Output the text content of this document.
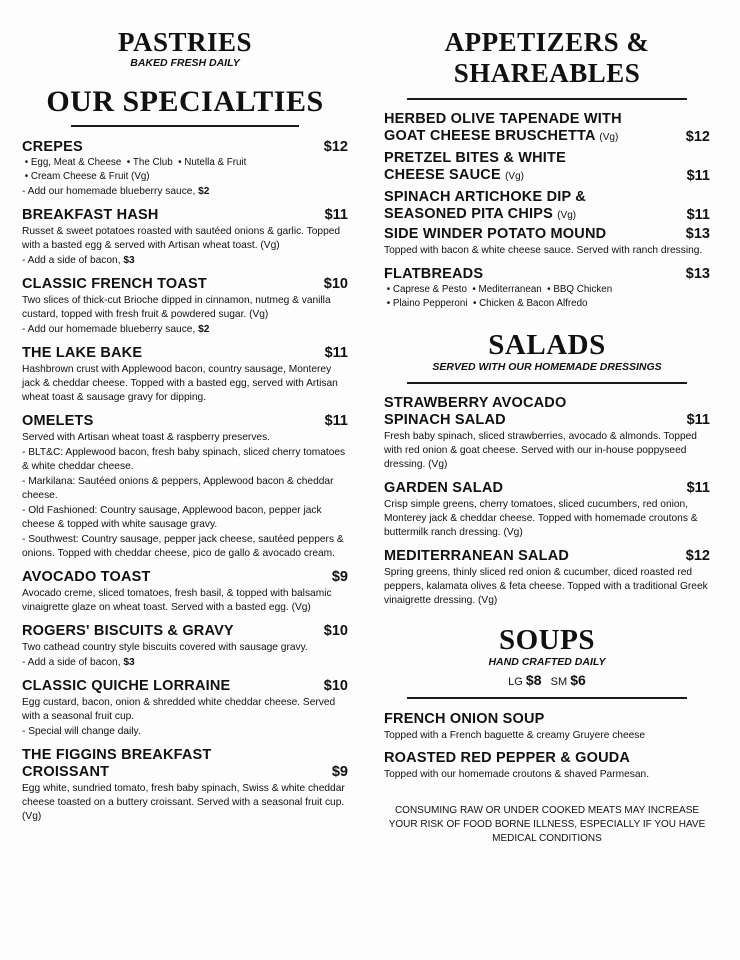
PASTRIES

BAKED FRESH DAILY

OUR SPECIALTIES
CREPES	$12
• Egg, Meat & Cheese  • The Club  • Nutella & Fruit
• Cream Cheese & Fruit (Vg)
- Add our homemade blueberry sauce, $2
BREAKFAST HASH	$11

Russet & sweet potatoes roasted with sautéed onions & garlic. Topped with a basted egg & served with Artisan wheat toast. (Vg)

- Add a side of bacon, $3
CLASSIC FRENCH TOAST	$10

Two slices of thick-cut Brioche dipped in cinnamon, nutmeg & vanilla custard, topped with fresh fruit & powdered sugar. (Vg)

- Add our homemade blueberry sauce, $2
THE LAKE BAKE	$11

Hashbrown crust with Applewood bacon, country sausage, Monterey jack & cheddar cheese. Topped with a basted egg, served with Artisan wheat toast & sausage gravy for dipping.

OMELETS	$11

Served with Artisan wheat toast & raspberry preserves.

- BLT&C: Applewood bacon, fresh baby spinach, sliced cherry tomatoes & white cheddar cheese.
- Markilana: Sautéed onions & peppers, Applewood bacon & cheddar cheese.
- Old Fashioned: Country sausage, Applewood bacon, pepper jack cheese & topped with white sausage gravy.
- Southwest: Country sausage, pepper jack cheese, sautéed peppers & onions. Topped with cheddar cheese, pico de gallo & avocado cream.
AVOCADO TOAST	$9

Avocado creme, sliced tomatoes, fresh basil, & topped with balsamic vinaigrette glaze on wheat toast. Served with a basted egg. (Vg)

ROGERS' BISCUITS & GRAVY	$10

Two cathead country style biscuits covered with sausage gravy.

- Add a side of bacon, $3
CLASSIC QUICHE LORRAINE	$10

Egg custard, bacon, onion & shredded white cheddar cheese. Served with a seasonal fruit cup.

- Special will change daily.
THE FIGGINS BREAKFAST CROISSANT	$9

Egg white, sundried tomato, fresh baby spinach, Swiss & white cheddar cheese toasted on a buttery croissant. Served with a seasonal fruit cup. (Vg)

APPETIZERS &
SHAREABLES
HERBED OLIVE TAPENADE WITH GOAT CHEESE BRUSCHETTA (Vg)	$12
PRETZEL BITES & WHITE CHEESE SAUCE (Vg)	$11
SPINACH ARTICHOKE DIP & SEASONED PITA CHIPS (Vg)	$11
SIDE WINDER POTATO MOUND	$13

Topped with bacon & white cheese sauce. Served with ranch dressing.

FLATBREADS	$13
• Caprese & Pesto  • Mediterranean  • BBQ Chicken
• Plaino Pepperoni  • Chicken & Bacon Alfredo
SALADS

SERVED WITH OUR HOMEMADE DRESSINGS

STRAWBERRY AVOCADO SPINACH SALAD	$11

Fresh baby spinach, sliced strawberries, avocado & almonds. Topped with red onion & goat cheese. Served with our in-house poppyseed dressing. (Vg)

GARDEN SALAD	$11

Crisp simple greens, cherry tomatoes, sliced cucumbers, red onion, Monterey jack & cheddar cheese. Topped with homemade croutons & buttermilk ranch dressing. (Vg)

MEDITERRANEAN SALAD	$12

Spring greens, thinly sliced red onion & cucumber, diced roasted red peppers, kalamata olives & feta cheese. Topped with a traditional Greek vinaigrette dressing. (Vg)

SOUPS

HAND CRAFTED DAILY

LG $8 SM $6
FRENCH ONION SOUP

Topped with a French baguette & creamy Gruyere cheese

ROASTED RED PEPPER & GOUDA

Topped with our homemade croutons & shaved Parmesan.

CONSUMING RAW OR UNDER COOKED MEATS MAY INCREASE YOUR RISK OF FOOD BORNE ILLNESS, ESPECIALLY IF YOU HAVE MEDICAL CONDITIONS
